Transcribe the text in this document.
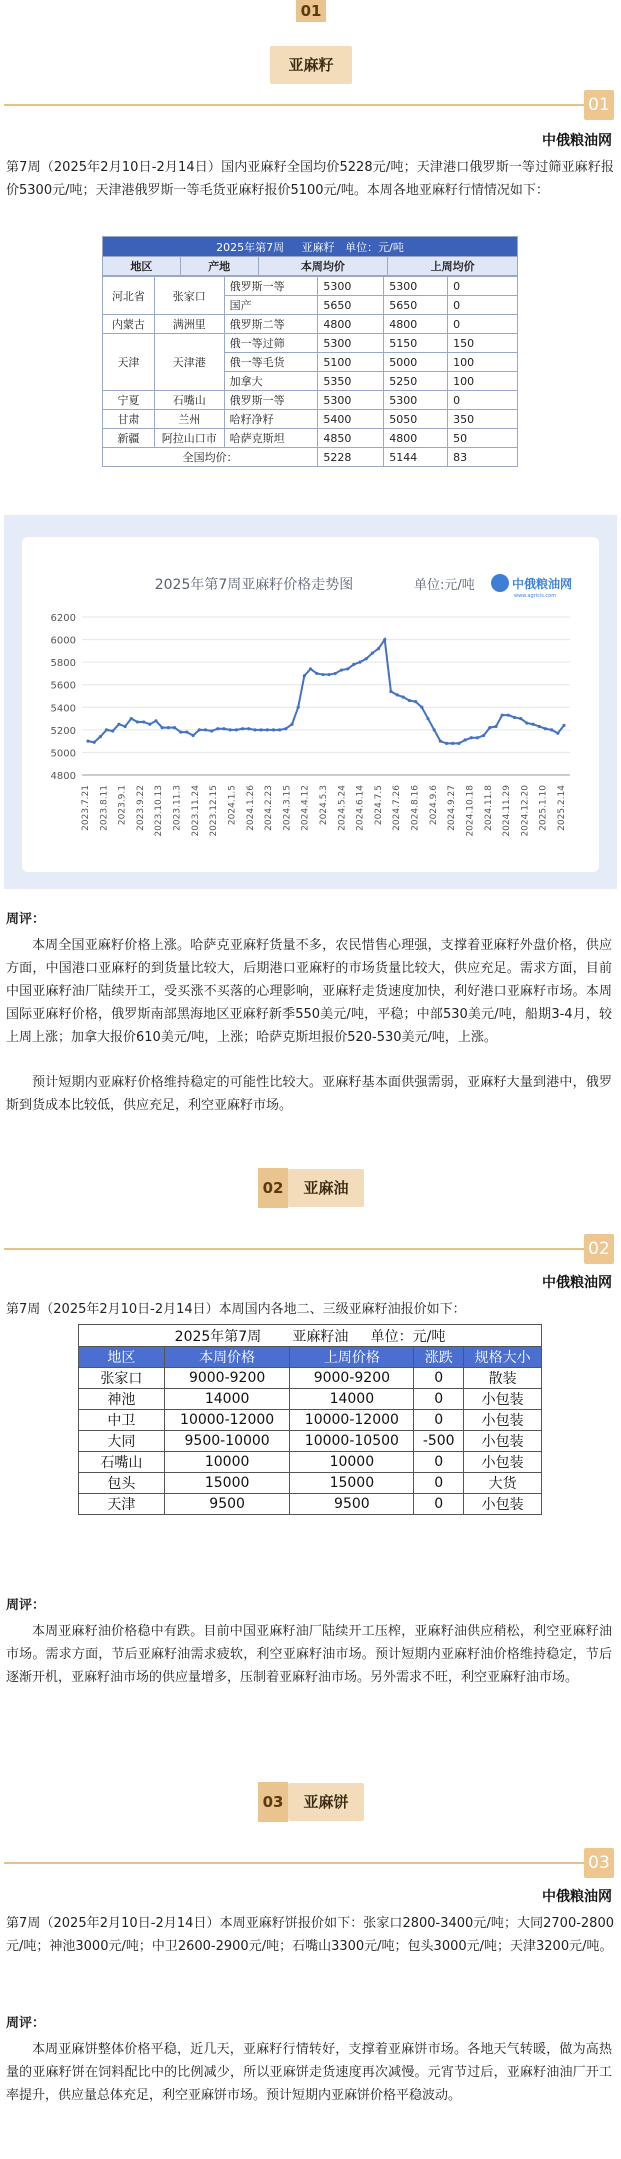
01
亚麻籽
01
中俄粮油网
第7周（2025年2月10日-2月14日）国内亚麻籽全国均价5228元/吨；天津港口俄罗斯一等过筛亚麻籽报价5300元/吨；天津港俄罗斯一等毛货亚麻籽报价5100元/吨。本周各地亚麻籽行情情况如下：
2025年第7周 亚麻籽 单位：元/吨
地区	产地	本周均价	上周均价
河北省	张家口	俄罗斯一等	5300	5300	0
		国产	5650	5650	0
内蒙古	满洲里	俄罗斯二等	4800	4800	0
天津	天津港	俄一等过筛	5300	5150	150
		俄一等毛货	5100	5000	100
		加拿大	5350	5250	100
宁夏	石嘴山	俄罗斯一等	5300	5300	0
甘肃	兰州	哈籽净籽	5400	5050	350
新疆	阿拉山口市	哈萨克斯坦	4850	4800	50
全国均价：			5228	5144	83
2025年第7周亚麻籽价格走势图	单位:元/吨	中俄粮油网
www.agricis.com
4800
5000
5200
5400
5600
5800
6000
6200
2023.7.21 2023.8.11 2023.9.1 2023.9.22 2023.10.13 2023.11.3 2023.11.24 2023.12.15 2024.1.5 2024.1.26 2024.2.23 2024.3.15 2024.4.12 2024.5.3 2024.5.24 2024.6.14 2024.7.5 2024.7.26 2024.8.16 2024.9.6 2024.9.27 2024.10.18 2024.11.8 2024.11.29 2024.12.20 2025.1.10 2025.2.14
周评：
本周全国亚麻籽价格上涨。哈萨克亚麻籽货量不多，农民惜售心理强，支撑着亚麻籽外盘价格，供应方面，中国港口亚麻籽的到货量比较大，后期港口亚麻籽的市场货量比较大，供应充足。需求方面，目前中国亚麻籽油厂陆续开工，受买涨不买落的心理影响，亚麻籽走货速度加快，利好港口亚麻籽市场。本周国际亚麻籽价格，俄罗斯南部黑海地区亚麻籽新季550美元/吨，平稳；中部530美元/吨，船期3-4月，较上周上涨；加拿大报价610美元/吨，上涨；哈萨克斯坦报价520-530美元/吨，上涨。
预计短期内亚麻籽价格维持稳定的可能性比较大。亚麻籽基本面供强需弱，亚麻籽大量到港中，俄罗斯到货成本比较低，供应充足，利空亚麻籽市场。
02	亚麻油
02
中俄粮油网
第7周（2025年2月10日-2月14日）本周国内各地二、三级亚麻籽油报价如下：
2025年第7周 亚麻籽油 单位：元/吨				
地区	本周价格	上周价格	涨跌	规格大小
张家口	9000-9200	9000-9200	0	散装
神池	14000	14000	0	小包装
中卫	10000-12000	10000-12000	0	小包装
大同	9500-10000	10000-10500	-500	小包装
石嘴山	10000	10000	0	小包装
包头	15000	15000	0	大货
天津	9500	9500	0	小包装
周评：
本周亚麻籽油价格稳中有跌。目前中国亚麻籽油厂陆续开工压榨，亚麻籽油供应稍松，利空亚麻籽油市场。需求方面，节后亚麻籽油需求疲软，利空亚麻籽油市场。预计短期内亚麻籽油价格维持稳定，节后逐渐开机，亚麻籽油市场的供应量增多，压制着亚麻籽油市场。另外需求不旺，利空亚麻籽油市场。
03	亚麻饼
03
中俄粮油网
第7周（2025年2月10日-2月14日）本周亚麻籽饼报价如下：张家口2800-3400元/吨；大同2700-2800元/吨；神池3000元/吨；中卫2600-2900元/吨；石嘴山3300元/吨；包头3000元/吨；天津3200元/吨。
周评：
本周亚麻饼整体价格平稳，近几天，亚麻籽行情转好，支撑着亚麻饼市场。各地天气转暖，做为高热量的亚麻籽饼在饲料配比中的比例减少，所以亚麻饼走货速度再次减慢。元宵节过后，亚麻籽油油厂开工率提升，供应量总体充足，利空亚麻饼市场。预计短期内亚麻饼价格平稳波动。
